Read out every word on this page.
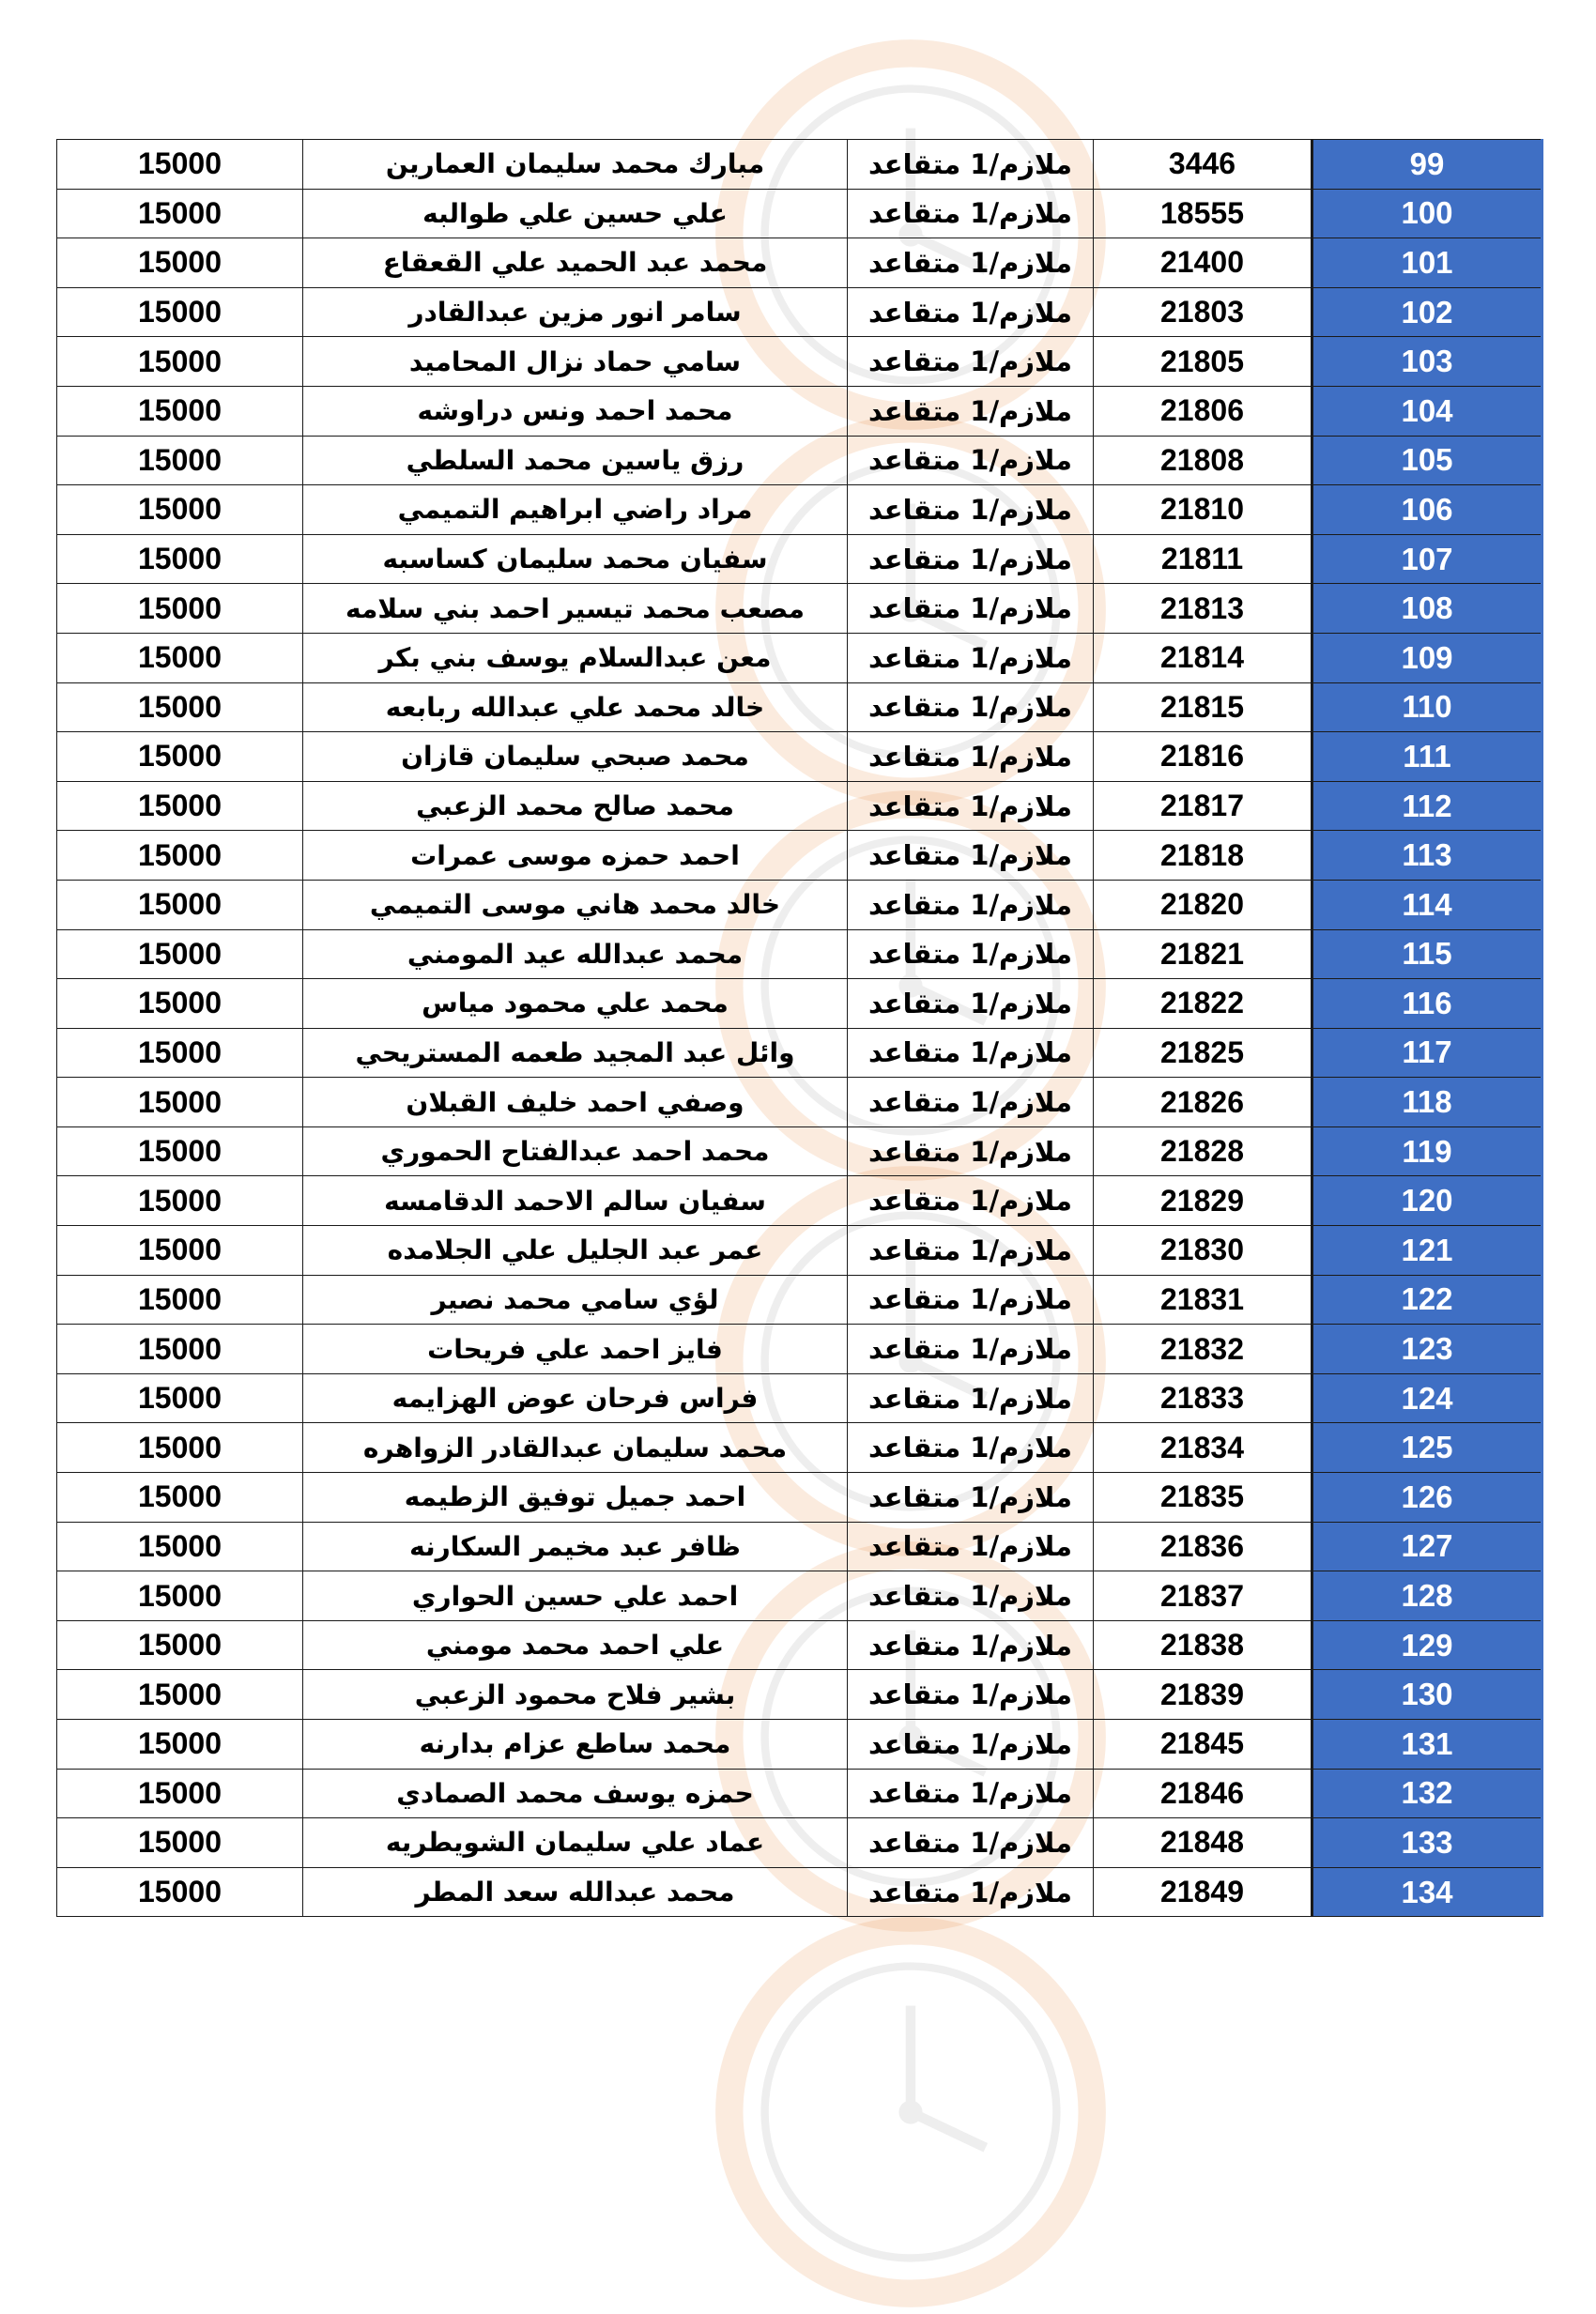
99	3446	ملازم/1 متقاعد	مبارك محمد سليمان العمارين	15000
100	18555	ملازم/1 متقاعد	علي حسين علي طوالبه	15000
101	21400	ملازم/1 متقاعد	محمد عبد الحميد علي القعقاع	15000
102	21803	ملازم/1 متقاعد	سامر انور مزين عبدالقادر	15000
103	21805	ملازم/1 متقاعد	سامي حماد نزال المحاميد	15000
104	21806	ملازم/1 متقاعد	محمد احمد ونس دراوشه	15000
105	21808	ملازم/1 متقاعد	رزق ياسين محمد السلطي	15000
106	21810	ملازم/1 متقاعد	مراد راضي ابراهيم التميمي	15000
107	21811	ملازم/1 متقاعد	سفيان محمد سليمان كساسبه	15000
108	21813	ملازم/1 متقاعد	مصعب محمد تيسير احمد بني سلامه	15000
109	21814	ملازم/1 متقاعد	معن عبدالسلام يوسف بني بكر	15000
110	21815	ملازم/1 متقاعد	خالد محمد علي عبدالله ربابعه	15000
111	21816	ملازم/1 متقاعد	محمد صبحي سليمان قازان	15000
112	21817	ملازم/1 متقاعد	محمد صالح محمد الزعبي	15000
113	21818	ملازم/1 متقاعد	احمد حمزه موسى عمرات	15000
114	21820	ملازم/1 متقاعد	خالد محمد هاني موسى التميمي	15000
115	21821	ملازم/1 متقاعد	محمد عبدالله عيد المومني	15000
116	21822	ملازم/1 متقاعد	محمد علي محمود مياس	15000
117	21825	ملازم/1 متقاعد	وائل عبد المجيد طعمه المستريحي	15000
118	21826	ملازم/1 متقاعد	وصفي احمد خليف القبلان	15000
119	21828	ملازم/1 متقاعد	محمد احمد عبدالفتاح الحموري	15000
120	21829	ملازم/1 متقاعد	سفيان سالم الاحمد الدقامسه	15000
121	21830	ملازم/1 متقاعد	عمر عبد الجليل علي الجلامده	15000
122	21831	ملازم/1 متقاعد	لؤي سامي محمد نصير	15000
123	21832	ملازم/1 متقاعد	فايز احمد علي فريحات	15000
124	21833	ملازم/1 متقاعد	فراس فرحان عوض الهزايمه	15000
125	21834	ملازم/1 متقاعد	محمد سليمان عبدالقادر الزواهره	15000
126	21835	ملازم/1 متقاعد	احمد جميل توفيق الزطيمه	15000
127	21836	ملازم/1 متقاعد	ظافر عبد مخيمر السكارنه	15000
128	21837	ملازم/1 متقاعد	احمد علي حسين الحواري	15000
129	21838	ملازم/1 متقاعد	علي احمد محمد مومني	15000
130	21839	ملازم/1 متقاعد	بشير فلاح محمود الزعبي	15000
131	21845	ملازم/1 متقاعد	محمد ساطع عزام بدارنه	15000
132	21846	ملازم/1 متقاعد	حمزه يوسف محمد الصمادي	15000
133	21848	ملازم/1 متقاعد	عماد علي سليمان الشويطريه	15000
134	21849	ملازم/1 متقاعد	محمد عبدالله سعد المطر	15000
